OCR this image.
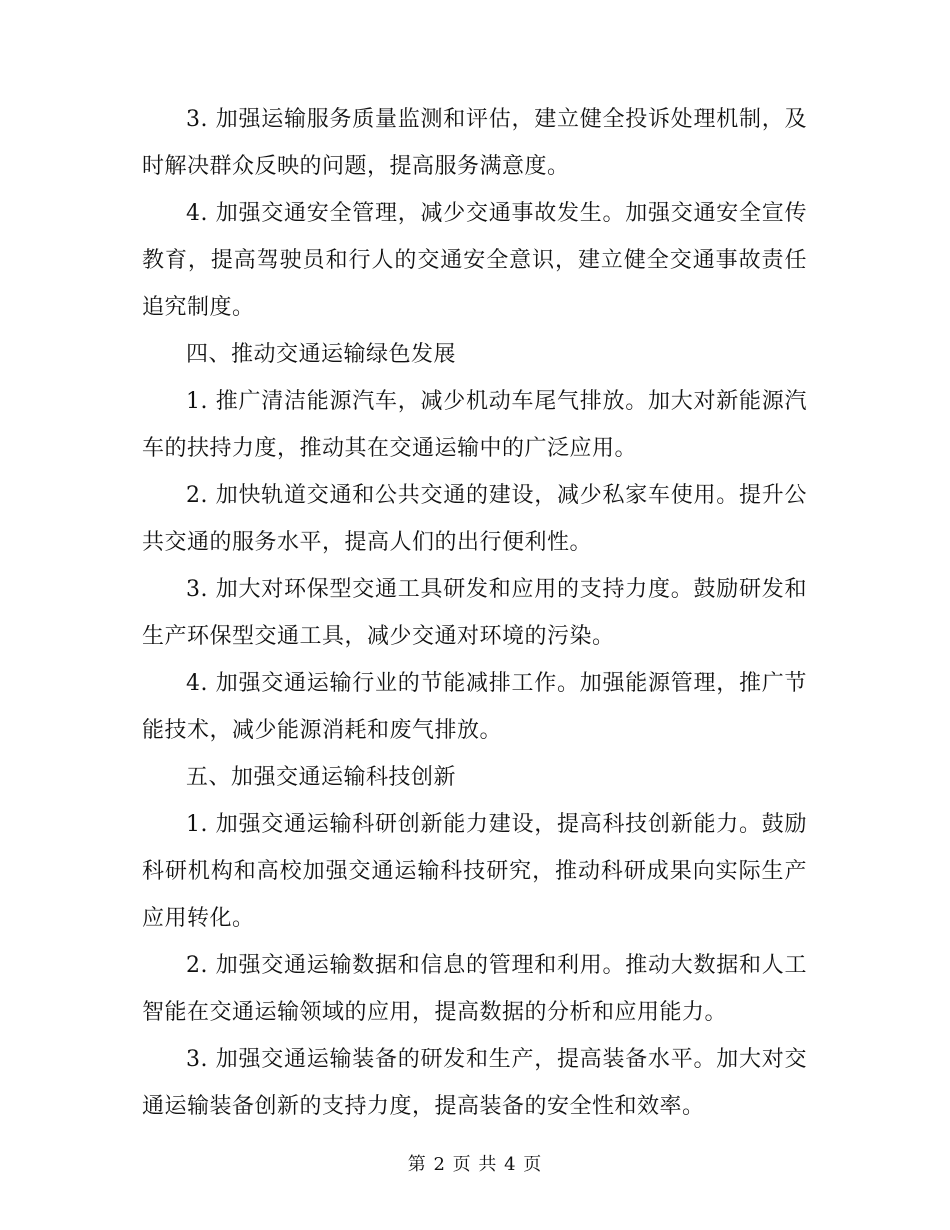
3. 加强运输服务质量监测和评估，建立健全投诉处理机制，及时解决群众反映的问题，提高服务满意度。

4. 加强交通安全管理，减少交通事故发生。加强交通安全宣传教育，提高驾驶员和行人的交通安全意识，建立健全交通事故责任追究制度。

四、推动交通运输绿色发展

1. 推广清洁能源汽车，减少机动车尾气排放。加大对新能源汽车的扶持力度，推动其在交通运输中的广泛应用。

2. 加快轨道交通和公共交通的建设，减少私家车使用。提升公共交通的服务水平，提高人们的出行便利性。

3. 加大对环保型交通工具研发和应用的支持力度。鼓励研发和生产环保型交通工具，减少交通对环境的污染。

4. 加强交通运输行业的节能减排工作。加强能源管理，推广节能技术，减少能源消耗和废气排放。

五、加强交通运输科技创新

1. 加强交通运输科研创新能力建设，提高科技创新能力。鼓励科研机构和高校加强交通运输科技研究，推动科研成果向实际生产应用转化。

2. 加强交通运输数据和信息的管理和利用。推动大数据和人工智能在交通运输领域的应用，提高数据的分析和应用能力。

3. 加强交通运输装备的研发和生产，提高装备水平。加大对交通运输装备创新的支持力度，提高装备的安全性和效率。

第 2 页 共 4 页
